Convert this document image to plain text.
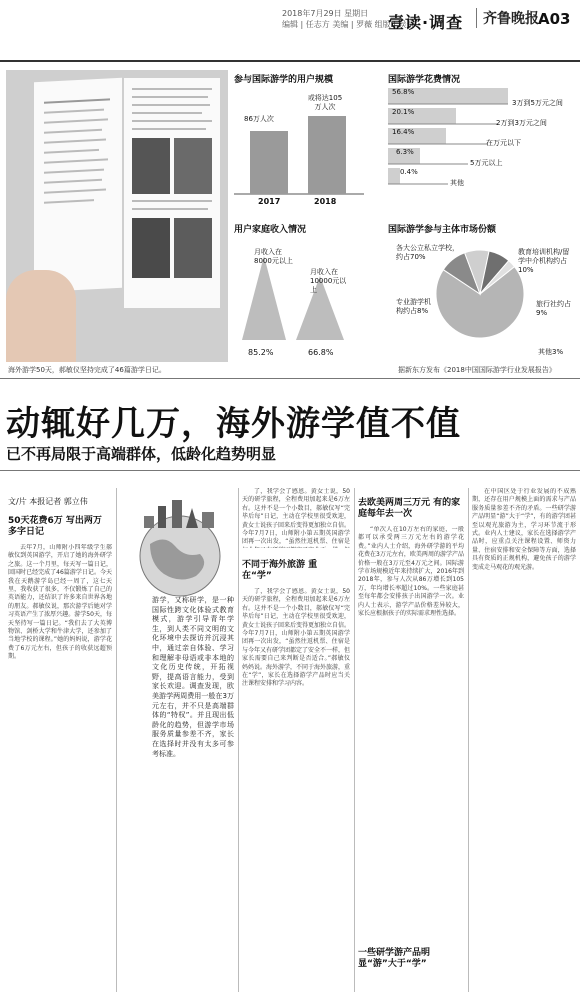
2018年7月29日 星期日
编辑 | 任志方 美编 | 罗薇 组版 | 侯晋
壹读·调查	齐鲁晚报 A03
海外游学50天，郝敏仪坚持完成了46篇游学日记。
参与国际游学的用户规模
86万人次
或将达105万人次
2017	2018
国际游学花费情况
56.8%
3万到5万元之间
20.1%
2万到3万元之间
16.4%
在万元以下
6.3%
5万元以上
0.4%
其他
用户家庭收入情况
月收入在8000元以上
月收入在10000元以上
85.2%	66.8%
国际游学参与主体市场份额
各大公立私立学校，约占70%
教育培训机构/留学中介机构约占10%
旅行社约占9%
专业游学机构约占8%
其他3%
据新东方发布《2018中国国际游学行业发展报告》
动辄好几万，海外游学值不值
已不再局限于高端群体，低龄化趋势明显
文/片 本报记者 郭立伟
50天花费6万 写出两万多字日记

去年7月，山师附小四年级学生郝敏仪到英国游学，开启了她的海外研学之旅。这一个月里，每天写一篇日记，回国时已经完成了46篇游学日记。今天我在天鹅游学岛已经一周了，这七天里，我收获了很多，不仅锻炼了自己的英语能力，还结识了许多来自世界各地的朋友。郝敏仪说，那次游学后她对学习英语产生了浓厚兴趣。游学50天，每天坚持写一篇日记。“我们去了大英博物馆、剑桥大学和牛津大学，还参加了当地学校的课程。”她的妈妈说，游学花费了6万元左右，但孩子的收获远超预期。

游学，又称研学，是一种国际性跨文化体验式教育模式，游学引导青年学生，到人类不同文明的文化环境中去探访并沉浸其中，通过亲自体验、学习和理解非母语或非本地的文化历史传统，开拓视野，提高语言能力，受到家长欢迎。调查发现，欧美游学两周费用一般在3万元左右，并不只是高端群体的“特权”。并且现出低龄化的趋势，但游学市场服务质量参差不齐，家长在选择时并没有太多可参考标准。

了，我学会了感恩。黄女士说，50天的研学旅程，全程费用加起来是6万左右。这并不是一个小数目，郝敏仪写“完毕后每”日记，主动在学校里很受欢迎，黄女士说孩子回来后变得更加独立自信。今年7月7日，山师附小第五期英国游学团再一次出发，“虽然往返机票、住宿是

不同于海外旅游 重在“学”

了，我学会了感恩。黄女士说，50天的研学旅程，全程费用加起来是6万左右。这并不是一个小数目，郝敏仪写“完毕后每”日记，主动在学校里很受欢迎，黄女士说孩子回来后变得更加独立自信。今年7月7日，山师附小第五期英国游学团再一次出发，“虽然往返机票、住宿是与今年又有研学团都定了安全不一样，但家长需要自己来判断是否适合。”郝敏仪妈妈说。海外游学，不同于海外旅游，重在“学”，家长在选择游学产品时应当关注课程安排和学习内容。

去欧美两周三万元 有的家庭每年去一次

“单次人在10万左右的家庭，一般都可以承受两三万元左右的游学花费。”业内人士介绍，海外研学游的平均花费在3万元左右，欧美两周的游学产品价格一般在3万元至4万元之间。国际游学市场规模近年来持续扩大，2016年到2018年，参与人次从86万增长到105万，年均增长率超过10%。一些家庭甚至每年都会安排孩子出国游学一次。业内人士表示，游学产品价格差异较大，家长应根据孩子的实际需求理性选择。

一些研学游产品明显“游”大于“学”

在中国区处于行业发展的不成熟期，还存在用户规模上面的需求与产品服务质量参差不齐的矛盾。一些研学游产品明显“游”大于“学”，有的游学团甚至以观光旅游为主，学习环节流于形式。业内人士建议，家长在选择游学产品时，应重点关注课程设置、师资力量、住宿安排和安全保障等方面，选择具有资质的正规机构，避免孩子的游学变成走马观花的观光游。
